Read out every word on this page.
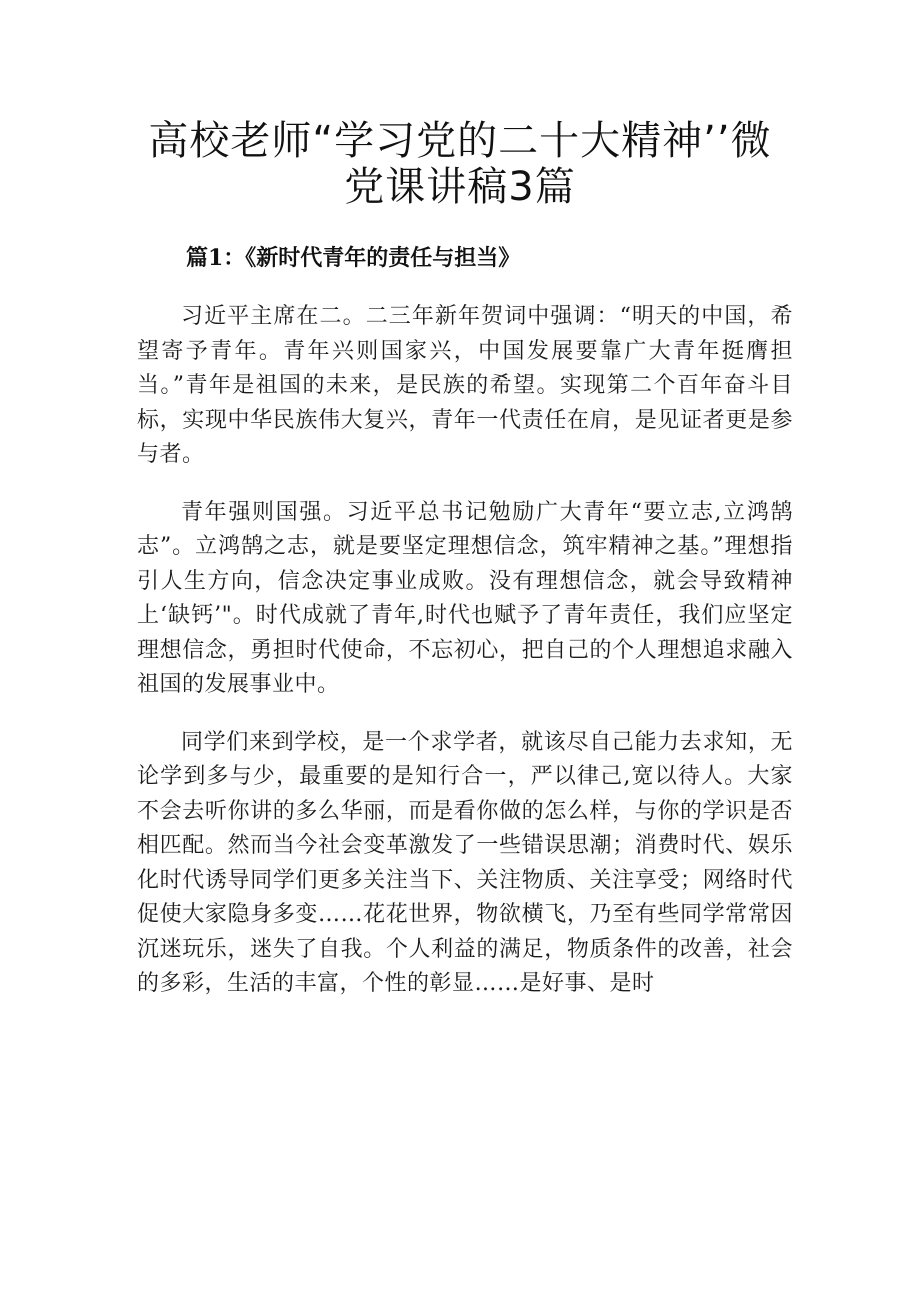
高校老师“学习党的二十大精神’’微
党课讲稿3篇
篇1：《新时代青年的责任与担当》

习近平主席在二。二三年新年贺词中强调：“明天的中国，希望寄予青年。青年兴则国家兴，中国发展要靠广大青年挺膺担当。”青年是祖国的未来，是民族的希望。实现第二个百年奋斗目标，实现中华民族伟大复兴，青年一代责任在肩，是见证者更是参与者。

青年强则国强。习近平总书记勉励广大青年“要立志,立鸿鹄志”。立鸿鹄之志，就是要坚定理想信念，筑牢精神之基。”理想指引人生方向，信念决定事业成败。没有理想信念，就会导致精神上‘缺钙’"。时代成就了青年,时代也赋予了青年责任，我们应坚定理想信念，勇担时代使命，不忘初心，把自己的个人理想追求融入祖国的发展事业中。

同学们来到学校，是一个求学者，就该尽自己能力去求知，无论学到多与少，最重要的是知行合一，严以律己,宽以待人。大家不会去听你讲的多么华丽，而是看你做的怎么样，与你的学识是否相匹配。然而当今社会变革激发了一些错误思潮；消费时代、娱乐化时代诱导同学们更多关注当下、关注物质、关注享受；网络时代促使大家隐身多变……花花世界，物欲横飞，乃至有些同学常常因沉迷玩乐，迷失了自我。个人利益的满足，物质条件的改善，社会的多彩，生活的丰富，个性的彰显……是好事、是时
